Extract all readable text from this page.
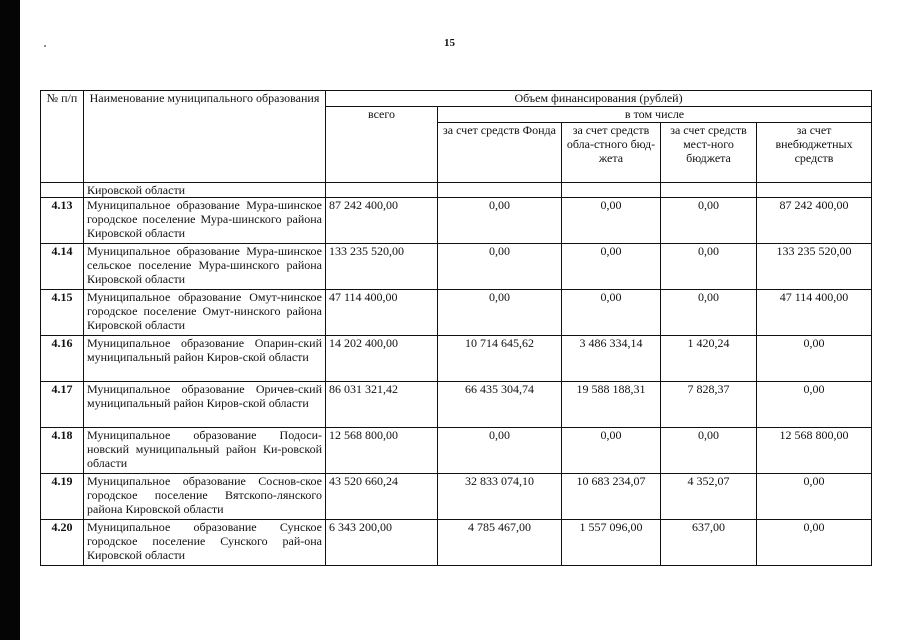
15
№ п/п	Наименование муниципального образования	Объем финансирования (рублей)				
		всего	в том числе			
			за счет средств Фонда	за счет средств обла-стного бюд-жета	за счет средств мест-ного бюджета	за счет внебюджетных средств
	Кировской области					
4.13	Муниципальное образование Мура-шинское городское поселение Мура-шинского района Кировской области	87 242 400,00	0,00	0,00	0,00	87 242 400,00
4.14	Муниципальное образование Мура-шинское сельское поселение Мура-шинского района Кировской области	133 235 520,00	0,00	0,00	0,00	133 235 520,00
4.15	Муниципальное образование Омут-нинское городское поселение Омут-нинского района Кировской области	47 114 400,00	0,00	0,00	0,00	47 114 400,00
4.16	Муниципальное образование Опарин-ский муниципальный район Киров-ской области	14 202 400,00	10 714 645,62	3 486 334,14	1 420,24	0,00
4.17	Муниципальное образование Оричев-ский муниципальный район Киров-ской области	86 031 321,42	66 435 304,74	19 588 188,31	7 828,37	0,00
4.18	Муниципальное образование Подоси-новский муниципальный район Ки-ровской области	12 568 800,00	0,00	0,00	0,00	12 568 800,00
4.19	Муниципальное образование Соснов-ское городское поселение Вятскопо-лянского района Кировской области	43 520 660,24	32 833 074,10	10 683 234,07	4 352,07	0,00
4.20	Муниципальное образование Сунское городское поселение Сунского рай-она Кировской области	6 343 200,00	4 785 467,00	1 557 096,00	637,00	0,00
